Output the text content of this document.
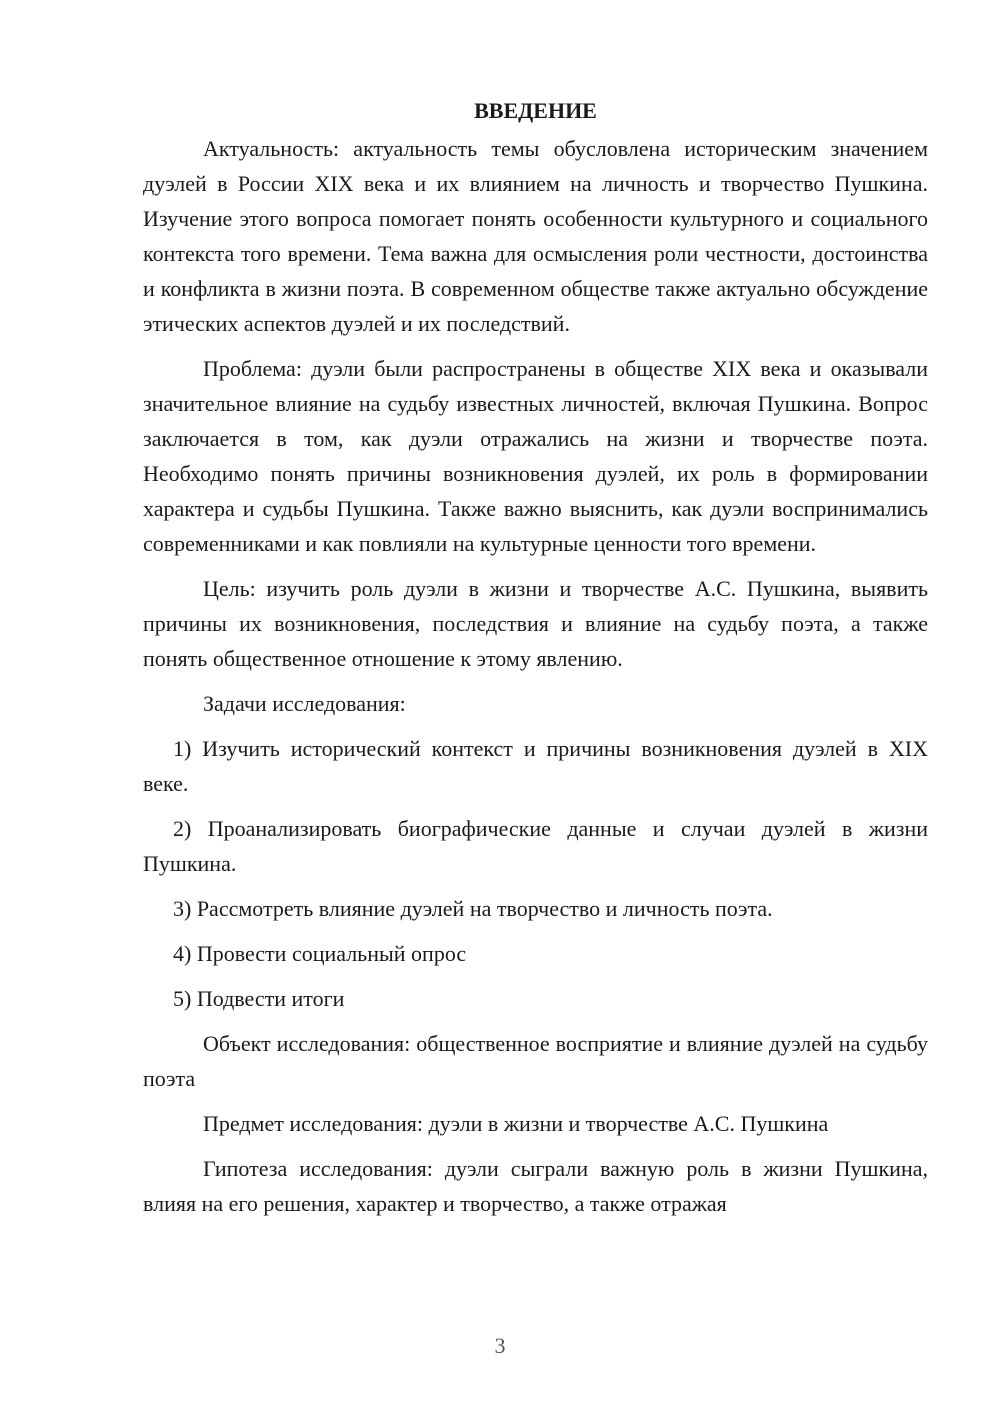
ВВЕДЕНИЕ

Актуальность: актуальность темы обусловлена историческим значением дуэлей в России XIX века и их влиянием на личность и творчество Пушкина. Изучение этого вопроса помогает понять особенности культурного и социального контекста того времени. Тема важна для осмысления роли честности, достоинства и конфликта в жизни поэта. В современном обществе также актуально обсуждение этических аспектов дуэлей и их последствий.

Проблема: дуэли были распространены в обществе XIX века и оказывали значительное влияние на судьбу известных личностей, включая Пушкина. Вопрос заключается в том, как дуэли отражались на жизни и творчестве поэта. Необходимо понять причины возникновения дуэлей, их роль в формировании характера и судьбы Пушкина. Также важно выяснить, как дуэли воспринимались современниками и как повлияли на культурные ценности того времени.

Цель: изучить роль дуэли в жизни и творчестве А.С. Пушкина, выявить причины их возникновения, последствия и влияние на судьбу поэта, а также понять общественное отношение к этому явлению.

Задачи исследования:

1) Изучить исторический контекст и причины возникновения дуэлей в XIX веке.

2) Проанализировать биографические данные и случаи дуэлей в жизни Пушкина.

3) Рассмотреть влияние дуэлей на творчество и личность поэта.

4) Провести социальный опрос

5) Подвести итоги

Объект исследования: общественное восприятие и влияние дуэлей на судьбу поэта

Предмет исследования: дуэли в жизни и творчестве А.С. Пушкина

Гипотеза исследования: дуэли сыграли важную роль в жизни Пушкина, влияя на его решения, характер и творчество, а также отражая

3
